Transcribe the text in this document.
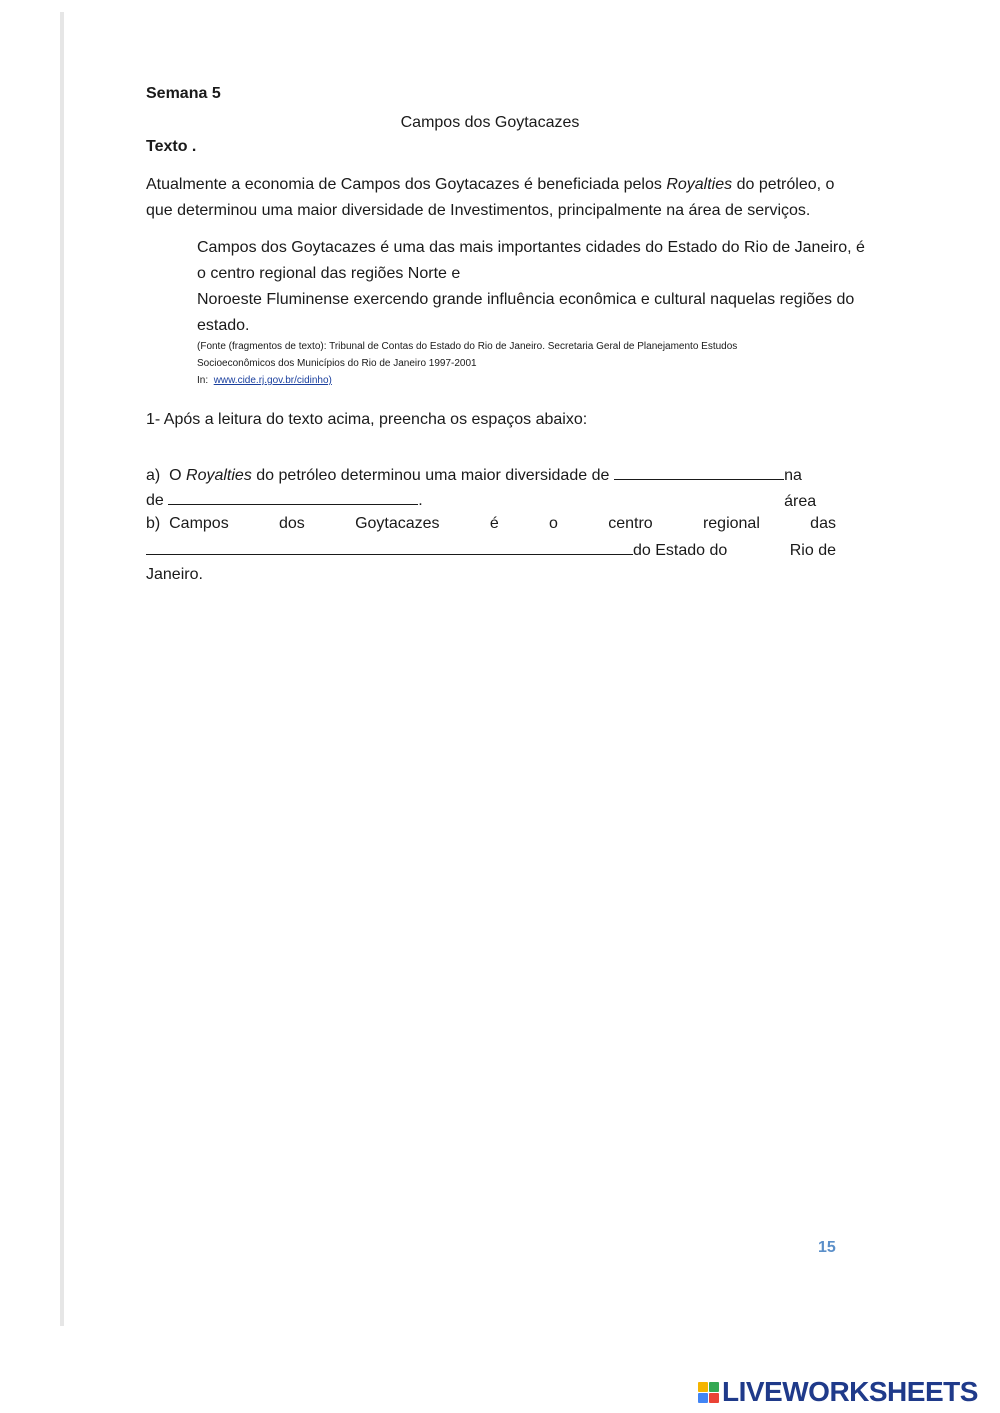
Semana 5
Campos dos Goytacazes
Texto .
Atualmente a economia de Campos dos Goytacazes é beneficiada pelos Royalties do petróleo, o que determinou uma maior diversidade de Investimentos, principalmente na área de serviços.
Campos dos Goytacazes é uma das mais importantes cidades do Estado do Rio de Janeiro, é
o centro regional das regiões Norte e
Noroeste Fluminense exercendo grande influência econômica e cultural naquelas regiões do
estado.
(Fonte (fragmentos de texto): Tribunal de Contas do Estado do Rio de Janeiro. Secretaria Geral de Planejamento Estudos
Socioeconômicos dos Municípios do Rio de Janeiro 1997-2001
In: www.cide.rj.gov.br/cidinho)
1- Após a leitura do texto acima, preencha os espaços abaixo:
a)  O Royalties do petróleo determinou uma maior diversidade de	na área
de	.
b)  Campos	dos	Goytacazes	é	o	centro	regional	das
do Estado do	Rio de
Janeiro.
15
LIVEWORKSHEETS
